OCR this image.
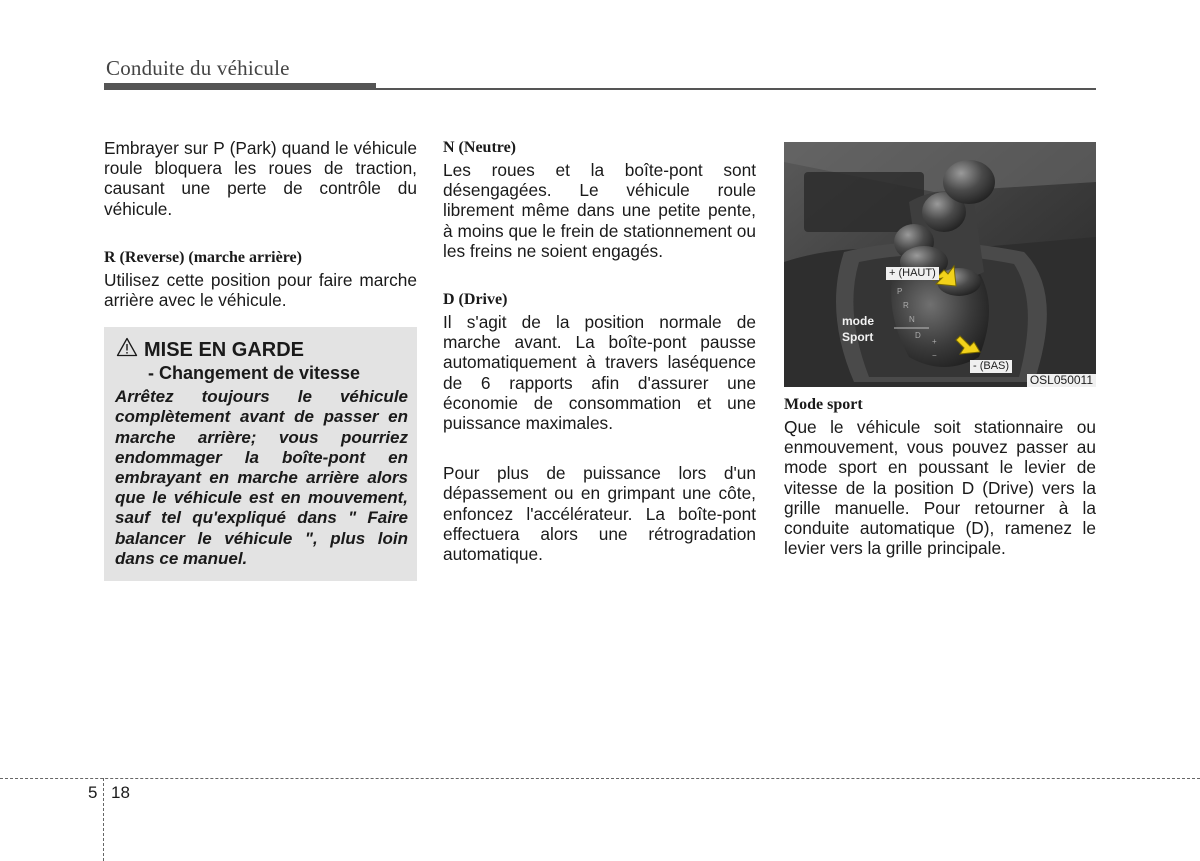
Conduite du véhicule

Embrayer sur P (Park) quand le véhicule roule bloquera les roues de traction, causant une perte de contrôle du véhicule.

R (Reverse) (marche arrière)

Utilisez cette position pour faire marche arrière avec le véhicule.

MISE EN GARDE
- Changement de vitesse

Arrêtez toujours le véhicule complètement avant de passer en marche arrière; vous pourriez endommager la boîte-pont en embrayant en marche arrière alors que le véhicule est en mouvement, sauf tel qu'expliqué dans " Faire balancer le véhicule ", plus loin dans ce manuel.

N (Neutre)

Les roues et la boîte-pont sont désengagées. Le véhicule roule librement même dans une petite pente, à moins que le frein de stationnement ou les freins ne soient engagés.

D (Drive)

Il s'agit de la position normale de marche avant. La boîte-pont pausse automatiquement à travers laséquence de 6 rapports afin d'assurer une économie de consommation et une puissance maximales.

Pour plus de puissance lors d'un dépassement ou en grimpant une côte, enfoncez l'accélérateur. La boîte-pont effectuera alors une rétrogradation automatique.

P
R
N
D
+
−
+ (HAUT)
- (BAS)
mode
Sport
OSL050011

Mode sport

Que le véhicule soit stationnaire ou enmouvement, vous pouvez passer au mode sport en poussant le levier de vitesse de la position D (Drive) vers la grille manuelle. Pour retourner à la conduite automatique (D), ramenez le levier vers la grille principale.

5 18
